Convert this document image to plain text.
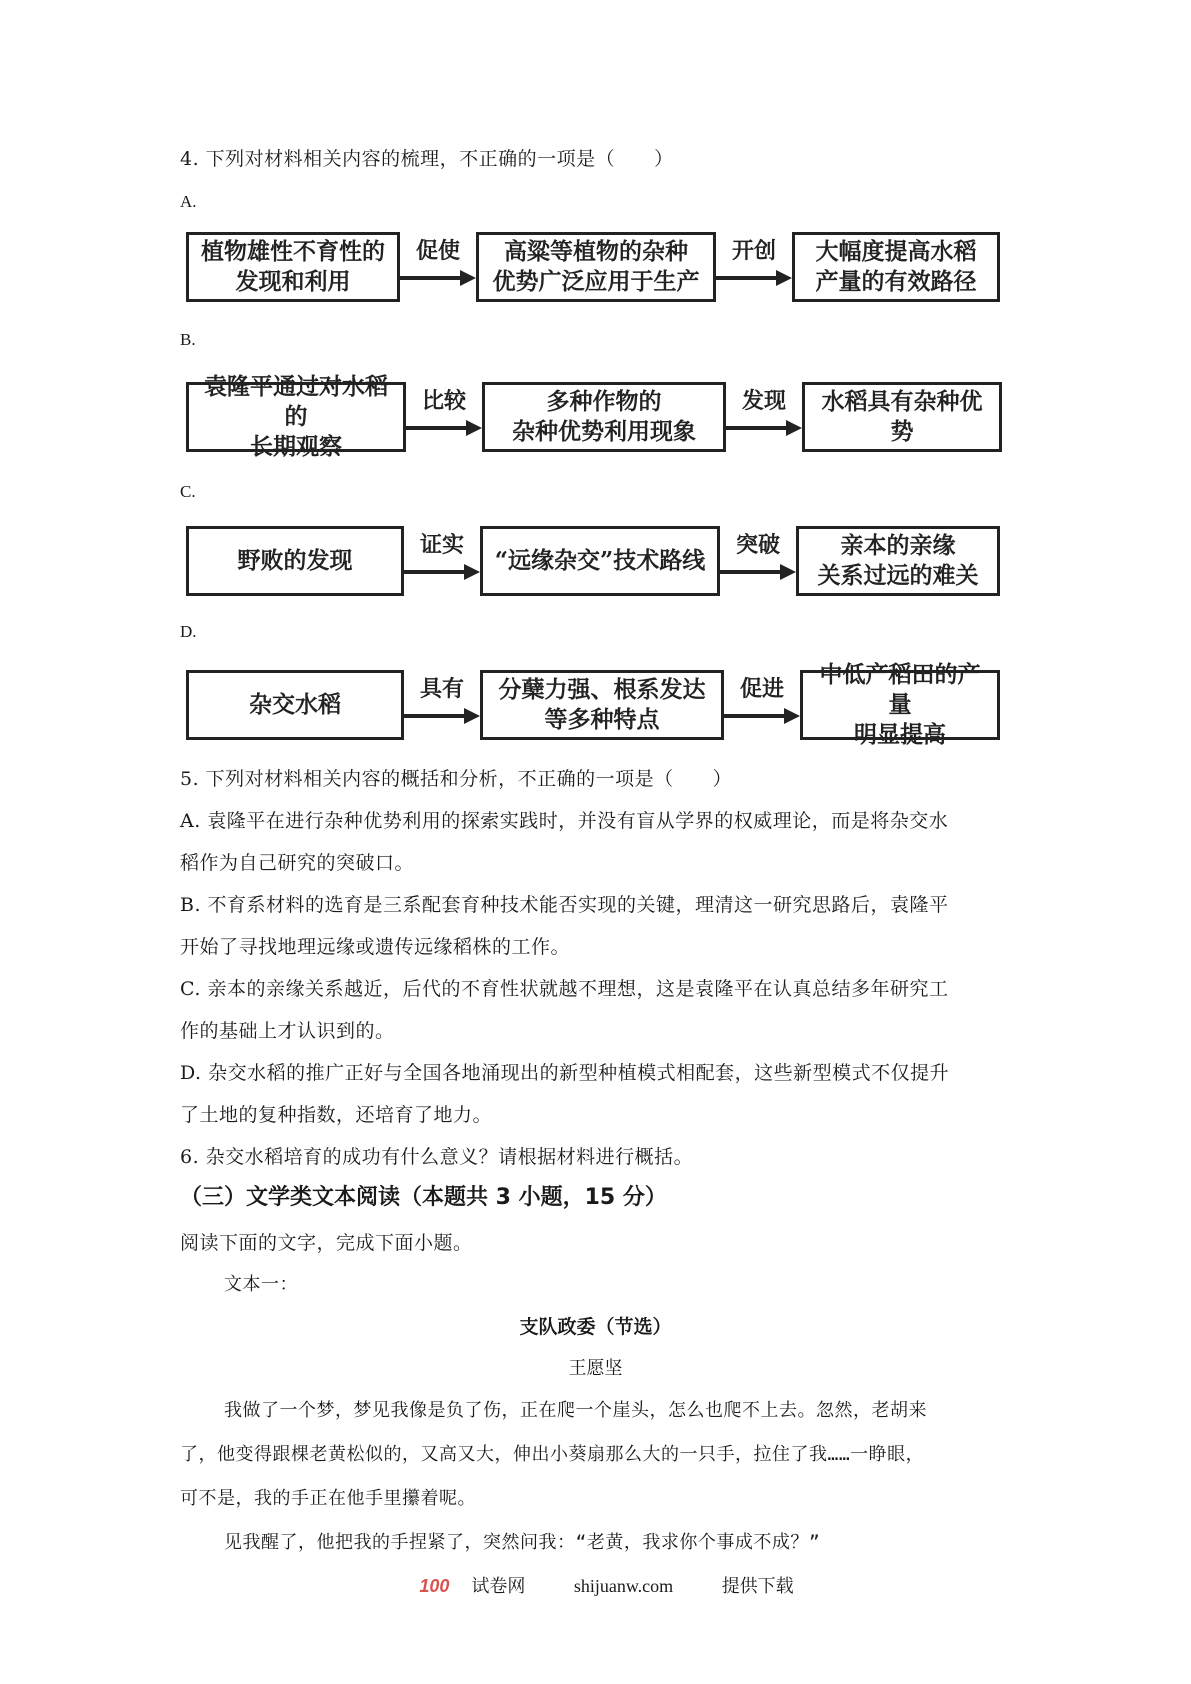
4. 下列对材料相关内容的梳理，不正确的一项是（　　）
A.
植物雄性不育性的
发现和利用
促使	高粱等植物的杂种
优势广泛应用于生产
开创	大幅度提高水稻
产量的有效路径
B.
袁隆平通过对水稻的
长期观察
比较	多种作物的
杂种优势利用现象
发现	水稻具有杂种优势
C.
野败的发现
证实
“远缘杂交”技术路线
突破	亲本的亲缘
关系过远的难关
D.
杂交水稻
具有	分蘖力强、根系发达
等多种特点
促进
中低产稻田的产量
明显提高
5. 下列对材料相关内容的概括和分析，不正确的一项是（　　）
A. 袁隆平在进行杂种优势利用的探索实践时，并没有盲从学界的权威理论，而是将杂交水
稻作为自己研究的突破口。
B. 不育系材料的选育是三系配套育种技术能否实现的关键，理清这一研究思路后，袁隆平
开始了寻找地理远缘或遗传远缘稻株的工作。
C. 亲本的亲缘关系越近，后代的不育性状就越不理想，这是袁隆平在认真总结多年研究工
作的基础上才认识到的。
D. 杂交水稻的推广正好与全国各地涌现出的新型种植模式相配套，这些新型模式不仅提升
了土地的复种指数，还培育了地力。
6. 杂交水稻培育的成功有什么意义？请根据材料进行概括。
（三）文学类文本阅读（本题共 3 小题，15 分）
阅读下面的文字，完成下面小题。
文本一：
支队政委（节选）
王愿坚
我做了一个梦，梦见我像是负了伤，正在爬一个崖头，怎么也爬不上去。忽然，老胡来
了，他变得跟棵老黄松似的，又高又大，伸出小葵扇那么大的一只手，拉住了我……一睁眼，
可不是，我的手正在他手里攥着呢。
见我醒了，他把我的手捏紧了，突然问我：“老黄，我求你个事成不成？”
100 试卷网	shijuanw.com	提供下载
